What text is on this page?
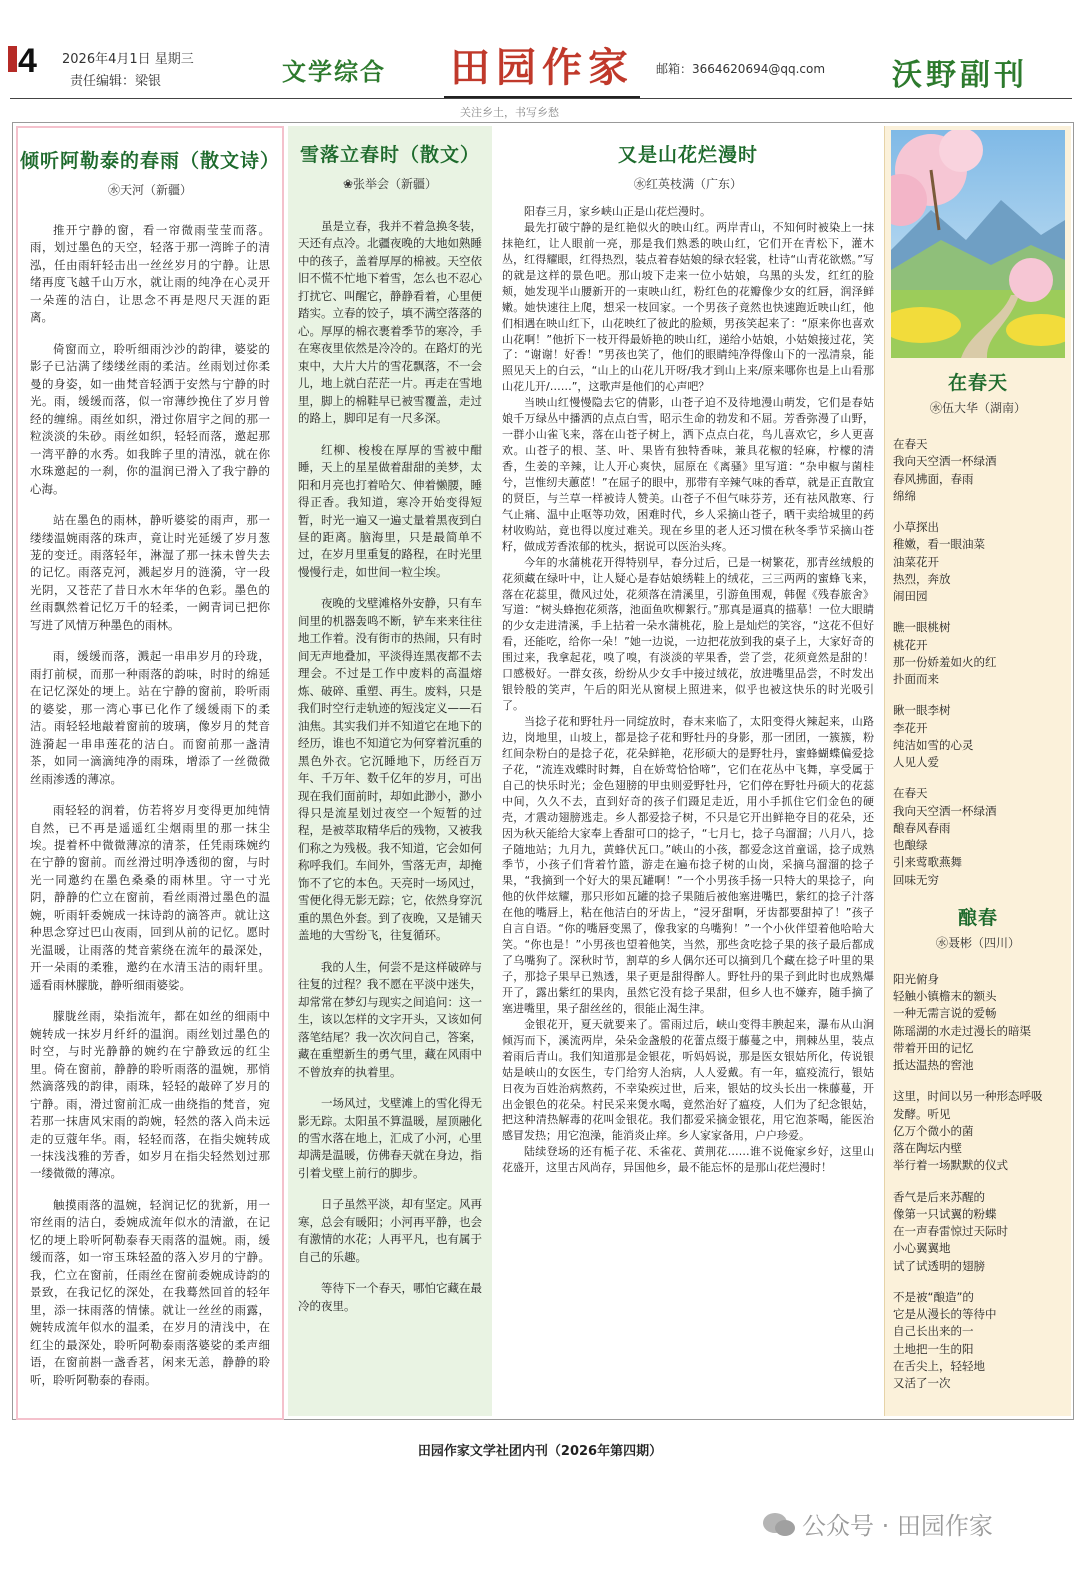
4 2026年4月1日 星期三
责任编辑：梁银	文学综合 田园作家	邮箱：3664620694@qq.com 沃野副刊
关注乡土，书写乡愁
倾听阿勒泰的春雨（散文诗）
㊌天河（新疆）

推开宁静的窗，看一帘微雨莹莹而落。雨，划过墨色的天空，轻落于那一湾眸子的清泓，任由雨轩轻击出一丝丝岁月的宁静。让思绪再度飞越千山万水，就让雨的纯净在心灵开一朵莲的洁白，让思念不再是咫尺天涯的距离。

倚窗而立，聆听细雨沙沙的韵律，婆娑的影子已沾满了缕缕丝雨的柔洁。丝雨划过你柔曼的身姿，如一曲梵音轻洒于安然与宁静的时光。雨，缓缓而落，似一帘薄纱挽住了岁月曾经的缠绵。雨丝如织，滑过你眉宇之间的那一粒淡淡的朱砂。雨丝如织，轻轻而落，邀起那一湾平静的水秀。如我眸子里的清泓，就在你水珠邀起的一刹，你的温润已滑入了我宁静的心海。

站在墨色的雨林，静听婆娑的雨声，那一缕缕温婉雨落的珠声，竟让时光延缓了岁月葱茏的变迁。雨落轻年，淋湿了那一抹未曾失去的记忆。雨落克河，溅起岁月的涟漪，守一段光阴，又苍茫了昔日水木年华的色彩。墨色的丝雨飘然着记忆万千的轻柔，一阙青词已把你写进了风情万种墨色的雨林。

雨，缓缓而落，溅起一串串岁月的玲珑，雨打前棂，而那一种雨落的韵味，时时的绵延在记忆深处的埂上。站在宁静的窗前，聆听雨的婆娑，那一湾心事已化作了缓缓雨下的柔洁。雨轻轻地敲着窗前的玻璃，像岁月的梵音涟漪起一串串莲花的洁白。而窗前那一盏清茶，如同一滴滴纯净的雨珠，增添了一丝微微丝雨渗透的薄凉。

雨轻轻的润着，仿若将岁月变得更加纯情自然，已不再是遥遥红尘烟雨里的那一抹尘埃。提着杯中微微薄凉的清茶，任凭雨珠婉约在宁静的窗前。而丝滑过明净透彻的窗，与时光一同邀约在墨色桑桑的雨林里。守一寸光阴，静静的伫立在窗前，看丝雨滑过墨色的温婉，听雨轩委婉成一抹诗韵的滴答声。就让这种思念穿过巴山夜雨，回到从前的记忆。愿时光温暖，让雨落的梵音萦绕在流年的最深处，开一朵雨的柔雅，邀约在水清玉洁的雨轩里。遥看雨林朦胧，静听细雨婆娑。

朦胧丝雨，染指流年，都在如丝的细雨中婉转成一抹岁月纤纤的温润。雨丝划过墨色的时空，与时光静静的婉约在宁静致远的红尘里。倚在窗前，静静的聆听雨落的温婉，那悄然滴落残的韵律，雨珠，轻轻的敲碎了岁月的宁静。雨，滑过窗前汇成一曲绕指的梵音，宛若那一抹唐风宋雨的韵婉，轻然的落入尚未远走的豆蔻年华。雨，轻轻而落，在指尖婉转成一抹浅浅雅的芳香，如岁月在指尖轻然划过那一缕微微的薄凉。

触摸雨落的温婉，轻润记忆的犹新，用一帘丝雨的洁白，委婉成流年似水的清澈，在记忆的埂上聆听阿勒泰春天雨落的温婉。雨，缓缓而落，如一帘玉珠轻盈的落入岁月的宁静。我，伫立在窗前，任雨丝在窗前委婉成诗韵的景致，在我记忆的深处，在我蓦然回首的轻年里，添一抹雨落的情愫。就让一丝丝的雨露，婉转成流年似水的温柔，在岁月的清浅中，在红尘的最深处，聆听阿勒泰雨落婆娑的柔声细语，在窗前斟一盏香茗，闲来无恙，静静的聆听，聆听阿勒泰的春雨。

雪落立春时（散文）
❀张举会（新疆）

虽是立春，我并不着急换冬装，天还有点冷。北疆夜晚的大地如熟睡中的孩子，盖着厚厚的棉被。天空依旧不慌不忙地下着雪，怎么也不忍心打扰它、叫醒它，静静看着，心里便踏实。立春的饺子，填不满空落落的心。厚厚的棉衣裹着季节的寒冷，手在寒夜里依然是冷冷的。在路灯的光束中，大片大片的雪花飘落，不一会儿，地上就白茫茫一片。再走在雪地里，脚上的棉鞋早已被雪覆盖，走过的路上，脚印足有一尺多深。

红柳、梭梭在厚厚的雪被中酣睡，天上的星星做着甜甜的美梦，太阳和月亮也打着哈欠、伸着懒腰，睡得正香。我知道，寒冷开始变得短暂，时光一遍又一遍丈量着黑夜到白昼的距离。脑海里，只是最简单不过，在岁月里重复的路程，在时光里慢慢行走，如世间一粒尘埃。

夜晚的戈壁滩格外安静，只有车间里的机器轰鸣不断，铲车来来往往地工作着。没有街市的热闹，只有时间无声地叠加，平淡得连黑夜都不去理会。不过是工作中废料的高温熔炼、破碎、重塑、再生。废料，只是我们时空行走轨迹的短浅定义——石油焦。其实我们并不知道它在地下的经历，谁也不知道它为何穿着沉重的黑色外衣。它沉睡地下，历经百万年、千万年、数千亿年的岁月，可出现在我们面前时，却如此渺小，渺小得只是流星划过夜空一个短暂的过程，是被萃取精华后的残物，又被我们称之为残极。我不知道，它会如何称呼我们。车间外，雪落无声，却掩饰不了它的本色。天亮时一场风过，雪便化得无影无踪；它，依然身穿沉重的黑色外套。到了夜晚，又是铺天盖地的大雪纷飞，往复循环。

我的人生，何尝不是这样破碎与往复的过程？我不愿在平淡中迷失，却常常在梦幻与现实之间追问：这一生，该以怎样的文字开头，又该如何落笔结尾？我一次次问自己，答案，藏在重塑新生的勇气里，藏在风雨中不曾放弃的执着里。

一场风过，戈壁滩上的雪化得无影无踪。太阳虽不算温暖，屋顶融化的雪水落在地上，汇成了小河，心里却满是温暖，仿佛春天就在身边，指引着戈壁上前行的脚步。

日子虽然平淡，却有坚定。风再寒，总会有暖阳；小河再平静，也会有激情的水花；人再平凡，也有属于自己的乐趣。

等待下一个春天，哪怕它藏在最冷的夜里。

又是山花烂漫时
㊌红英枝满（广东）

阳春三月，家乡峡山正是山花烂漫时。

最先打破宁静的是红艳似火的映山红。两岸青山，不知何时被染上一抹抹艳红，让人眼前一亮，那是我们熟悉的映山红，它们开在青松下，灌木丛，红得耀眼，红得热烈，装点着春姑娘的绿衣轻裳，杜诗“山青花欲燃。”写的就是这样的景色吧。那山坡下走来一位小姑娘，乌黑的头发，红红的脸颊，她发现半山腰新开的一束映山红，粉红色的花瓣像少女的红唇，润泽鲜嫩。她快速往上爬，想采一枝回家。一个男孩子竟然也快速跑近映山红，他们相遇在映山红下，山花映红了彼此的脸颊，男孩笑起来了：“原来你也喜欢山花啊！”他折下一枝开得最娇艳的映山红，递给小姑娘，小姑娘接过花，笑了：“谢谢！好香！”男孩也笑了，他们的眼睛纯净得像山下的一泓清泉，能照见天上的白云，“山上的山花儿开呀/我才到山上来/原来哪你也是上山看那山花儿开/……”，这歌声是他们的心声吧？

当映山红慢慢隐去它的倩影，山苍子迫不及待地漫山萌发，它们是春姑娘千万绿丛中播洒的点点白雪，昭示生命的勃发和不屈。芳香弥漫了山野，一群小山雀飞来，落在山苍子树上，洒下点点白花，鸟儿喜欢它，乡人更喜欢。山苍子的根、茎、叶、果皆有独特香味，兼具花椒的轻麻，柠檬的清香，生姜的辛辣，让人开心爽快，屈原在《离骚》里写道：“杂申椒与菌桂兮，岂惟纫夫蕙茝！”在屈子的眼中，那带有辛辣气味的香草，就是正直散宜的贤臣，与兰草一样被诗人赞美。山苍子不但气味芬芳，还有祛风散寒、行气止痛、温中止呕等功效，困难时代，乡人采摘山苍子，晒干卖给城里的药材收购站，竟也得以度过难关。现在乡里的老人还习惯在秋冬季节采摘山苍籽，做成芳香浓郁的枕头，据说可以医治头疼。

今年的水蒲桃花开得特别早，春分过后，已是一树繁花，那青丝绒般的花须藏在绿叶中，让人疑心是春姑娘绣鞋上的绒花，三三两两的蜜蜂飞来，落在花蕊里，微风过处，花须落在清溪里，引游鱼围观，韩偓《残春旅舍》写道：“树头蜂抱花须落，池面鱼吹柳絮行。”那真是逼真的描摹！一位大眼睛的少女走进清溪，手上拈着一朵水蒲桃花，脸上是灿烂的笑容，“这花不但好看，还能吃，给你一朵！”她一边说，一边把花放到我的桌子上，大家好奇的围过来，我拿起花，嗅了嗅，有淡淡的苹果香，尝了尝，花须竟然是甜的！口感极好。一群女孩，纷纷从少女手中接过绒花，放进嘴里品尝，不时发出银铃般的笑声，午后的阳光从窗棂上照进来，似乎也被这快乐的时光吸引了。

当捻子花和野牡丹一同绽放时，春末来临了，太阳变得火辣起来，山路边，岗地里，山坡上，都是捻子花和野牡丹的身影，那一团团，一簇簇，粉红间杂粉白的是捻子花，花朵鲜艳，花形硕大的是野牡丹，蜜蜂蝴蝶偏爱捻子花，“流连戏蝶时时舞，自在娇莺恰恰啼”，它们在花丛中飞舞，享受属于自己的快乐时光；金色翅膀的甲虫则爱野牡丹，它们停在野牡丹硕大的花蕊中间，久久不去，直到好奇的孩子们蹑足走近，用小手抓住它们金色的硬壳，才震动翅膀逃走。乡人都爱捻子树，不只是它开出鲜艳夺目的花朵，还因为秋天能给大家奉上香甜可口的捻子，“七月七，捻子乌溜溜；八月八，捻子随地站；九月九，黄蜂伏瓦口。”峡山的小孩，都爱念这首童谣，捻子成熟季节，小孩子们背着竹篮，游走在遍布捻子树的山岗，采摘乌溜溜的捻子果，“我摘到一个好大的果瓦罐啊！”一个小男孩手扬一只特大的果捻子，向他的伙伴炫耀，那只形如瓦罐的捻子果随后被他塞进嘴巴，紫红的捻子汁落在他的嘴唇上，粘在他洁白的牙齿上，“浸牙甜啊，牙齿都要甜掉了！”孩子自言自语。“你的嘴唇变黑了，像我家的乌嘴狗！”一个小伙伴望着他哈哈大笑。“你也是！”小男孩也望着他笑，当然，那些贪吃捻子果的孩子最后都成了乌嘴狗了。深秋时节，割草的乡人偶尔还可以摘到几个藏在捻子叶里的果子，那捻子果早已熟透，果子更是甜得醉人。野牡丹的果子到此时也成熟爆开了，露出紫红的果肉，虽然它没有捻子果甜，但乡人也不嫌弃，随手摘了塞进嘴里，果子甜丝丝的，很能止渴生津。

金银花开，夏天就要来了。雷雨过后，峡山变得丰腴起来，瀑布从山涧倾泻而下，溪流两岸，朵朵金盏般的花蕾点缀于藤蔓之中，荆棘丛里，装点着雨后青山。我们知道那是金银花，听妈妈说，那是医女银姑所化，传说银姑是峡山的女医生，专门给穷人治病，人人爱戴。有一年，瘟疫流行，银姑日夜为百姓治病熬药，不幸染疾过世，后来，银姑的坟头长出一株藤蔓，开出金银色的花朵。村民采来煲水喝，竟然治好了瘟疫，人们为了纪念银姑，把这种清热解毒的花叫金银花。我们都爱采摘金银花，用它泡茶喝，能医治感冒发热；用它泡澡，能消炎止痒。乡人家家备用，户户珍爱。

陆续登场的还有栀子花、禾雀花、黄荆花……谁不说俺家乡好，这里山花盛开，这里古风尚存，异国他乡，最不能忘怀的是那山花烂漫时！

在春天
㊌伍大华（湖南）
在春天
我向天空洒一杯绿酒
春风拂面，春雨
绵绵
小草探出
稚嫩，看一眼油菜
油菜花开
热烈，奔放
闹田园
瞧一眼桃树
桃花开
那一份娇羞如火的红
扑面而来
瞅一眼李树
李花开
纯洁如雪的心灵
人见人爱
在春天
我向天空洒一杯绿酒
酿春风春雨
也酿绿
引来莺歌燕舞
回味无穷
酿春
㊌聂彬（四川）
阳光俯身
轻触小镇檐末的额头
一种无需言说的爱畅
陈瑶湖的水走过漫长的暗渠
带着开田的记忆
抵达温热的窖池
这里，时间以另一种形态呼吸
发酵。听见
亿万个微小的菌
落在陶坛内壁
举行着一场默默的仪式
香气是后来苏醒的
像第一只试翼的粉蝶
在一声春雷惊过天际时
小心翼翼地
试了试透明的翅膀
不是被“酿造”的
它是从漫长的等待中
自己长出来的一
土地把一生的阳
在舌尖上，轻轻地
又活了一次
田园作家文学社团内刊（2026年第四期）
公众号 · 田园作家
